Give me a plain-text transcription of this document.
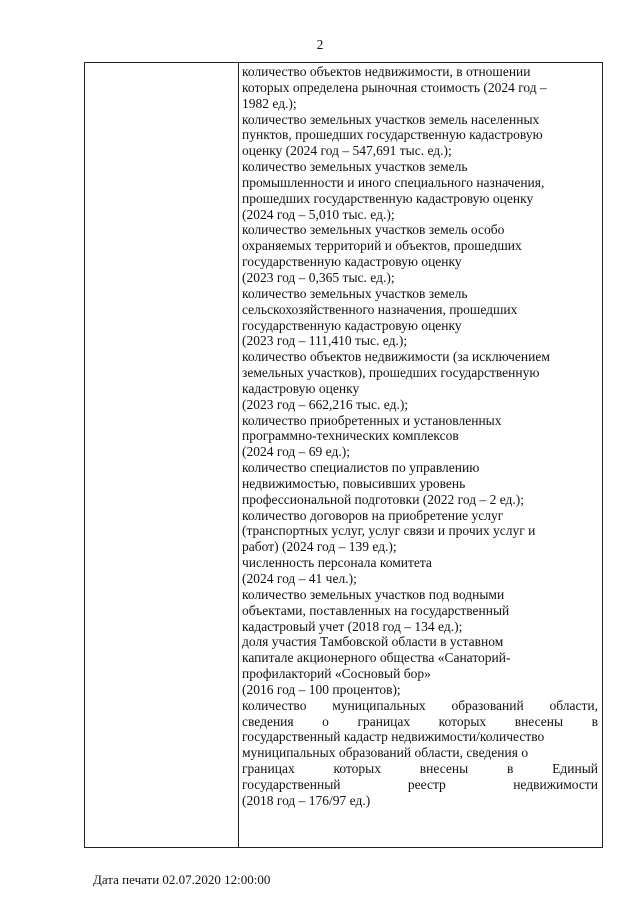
2
количество объектов недвижимости, в отношении
которых определена рыночная стоимость (2024 год –
1982 ед.);
количество земельных участков земель населенных
пунктов, прошедших государственную кадастровую
оценку (2024 год – 547,691 тыс. ед.);
количество земельных участков земель
промышленности и иного специального назначения,
прошедших государственную кадастровую оценку
(2024 год – 5,010 тыс. ед.);
количество земельных участков земель особо
охраняемых территорий и объектов, прошедших
государственную кадастровую оценку
(2023 год – 0,365 тыс. ед.);
количество земельных участков земель
сельскохозяйственного назначения, прошедших
государственную кадастровую оценку
(2023 год – 111,410 тыс. ед.);
количество объектов недвижимости (за исключением
земельных участков), прошедших государственную
кадастровую оценку
(2023 год – 662,216 тыс. ед.);
количество приобретенных и установленных
программно-технических комплексов
(2024 год – 69 ед.);
количество специалистов по управлению
недвижимостью, повысивших уровень
профессиональной подготовки (2022 год – 2 ед.);
количество договоров на приобретение услуг
(транспортных услуг, услуг связи и прочих услуг и
работ) (2024 год – 139 ед.);
численность персонала комитета
(2024 год – 41 чел.);
количество земельных участков под водными
объектами, поставленных на государственный
кадастровый учет (2018 год – 134 ед.);
доля участия Тамбовской области в уставном
капитале акционерного общества «Санаторий-
профилакторий «Сосновый бор»
(2016 год – 100 процентов);
количество муниципальных образований области,
сведения о границах которых внесены в
государственный кадастр недвижимости/количество
муниципальных образований области, сведения о
границах	которых	внесены	в	Единый
государственный	реестр	недвижимости
(2018 год – 176/97 ед.)
Дата печати 02.07.2020 12:00:00
